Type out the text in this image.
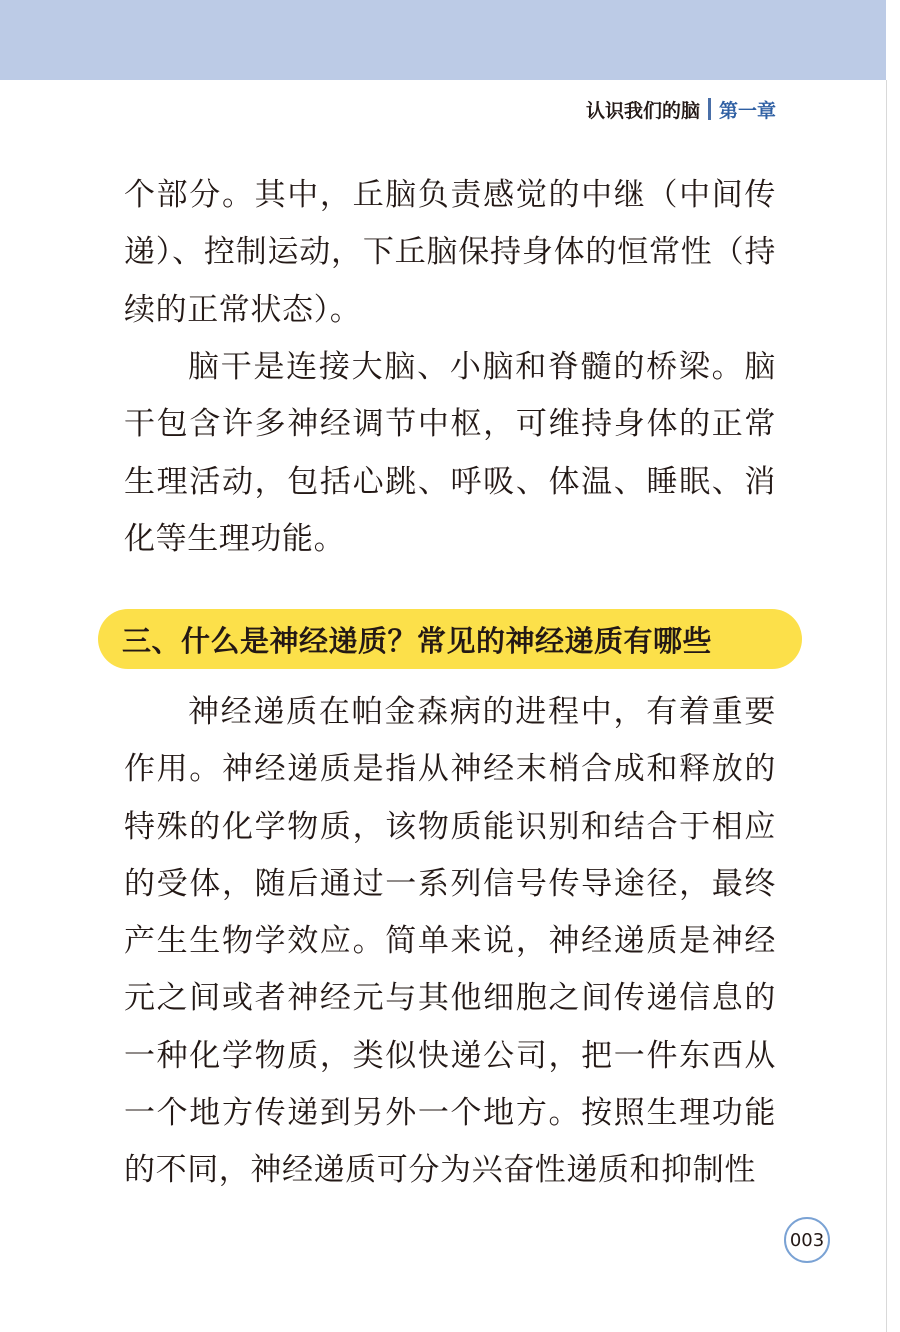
认识我们的脑 第一章

个部分。其中，丘脑负责感觉的中继（中间传递）、控制运动，下丘脑保持身体的恒常性（持续的正常状态）。

脑干是连接大脑、小脑和脊髓的桥梁。脑干包含许多神经调节中枢，可维持身体的正常生理活动，包括心跳、呼吸、体温、睡眠、消化等生理功能。

三、什么是神经递质？常见的神经递质有哪些

神经递质在帕金森病的进程中，有着重要作用。神经递质是指从神经末梢合成和释放的特殊的化学物质，该物质能识别和结合于相应的受体，随后通过一系列信号传导途径，最终产生生物学效应。简单来说，神经递质是神经元之间或者神经元与其他细胞之间传递信息的一种化学物质，类似快递公司，把一件东西从一个地方传递到另外一个地方。按照生理功能的不同，神经递质可分为兴奋性递质和抑制性

003
